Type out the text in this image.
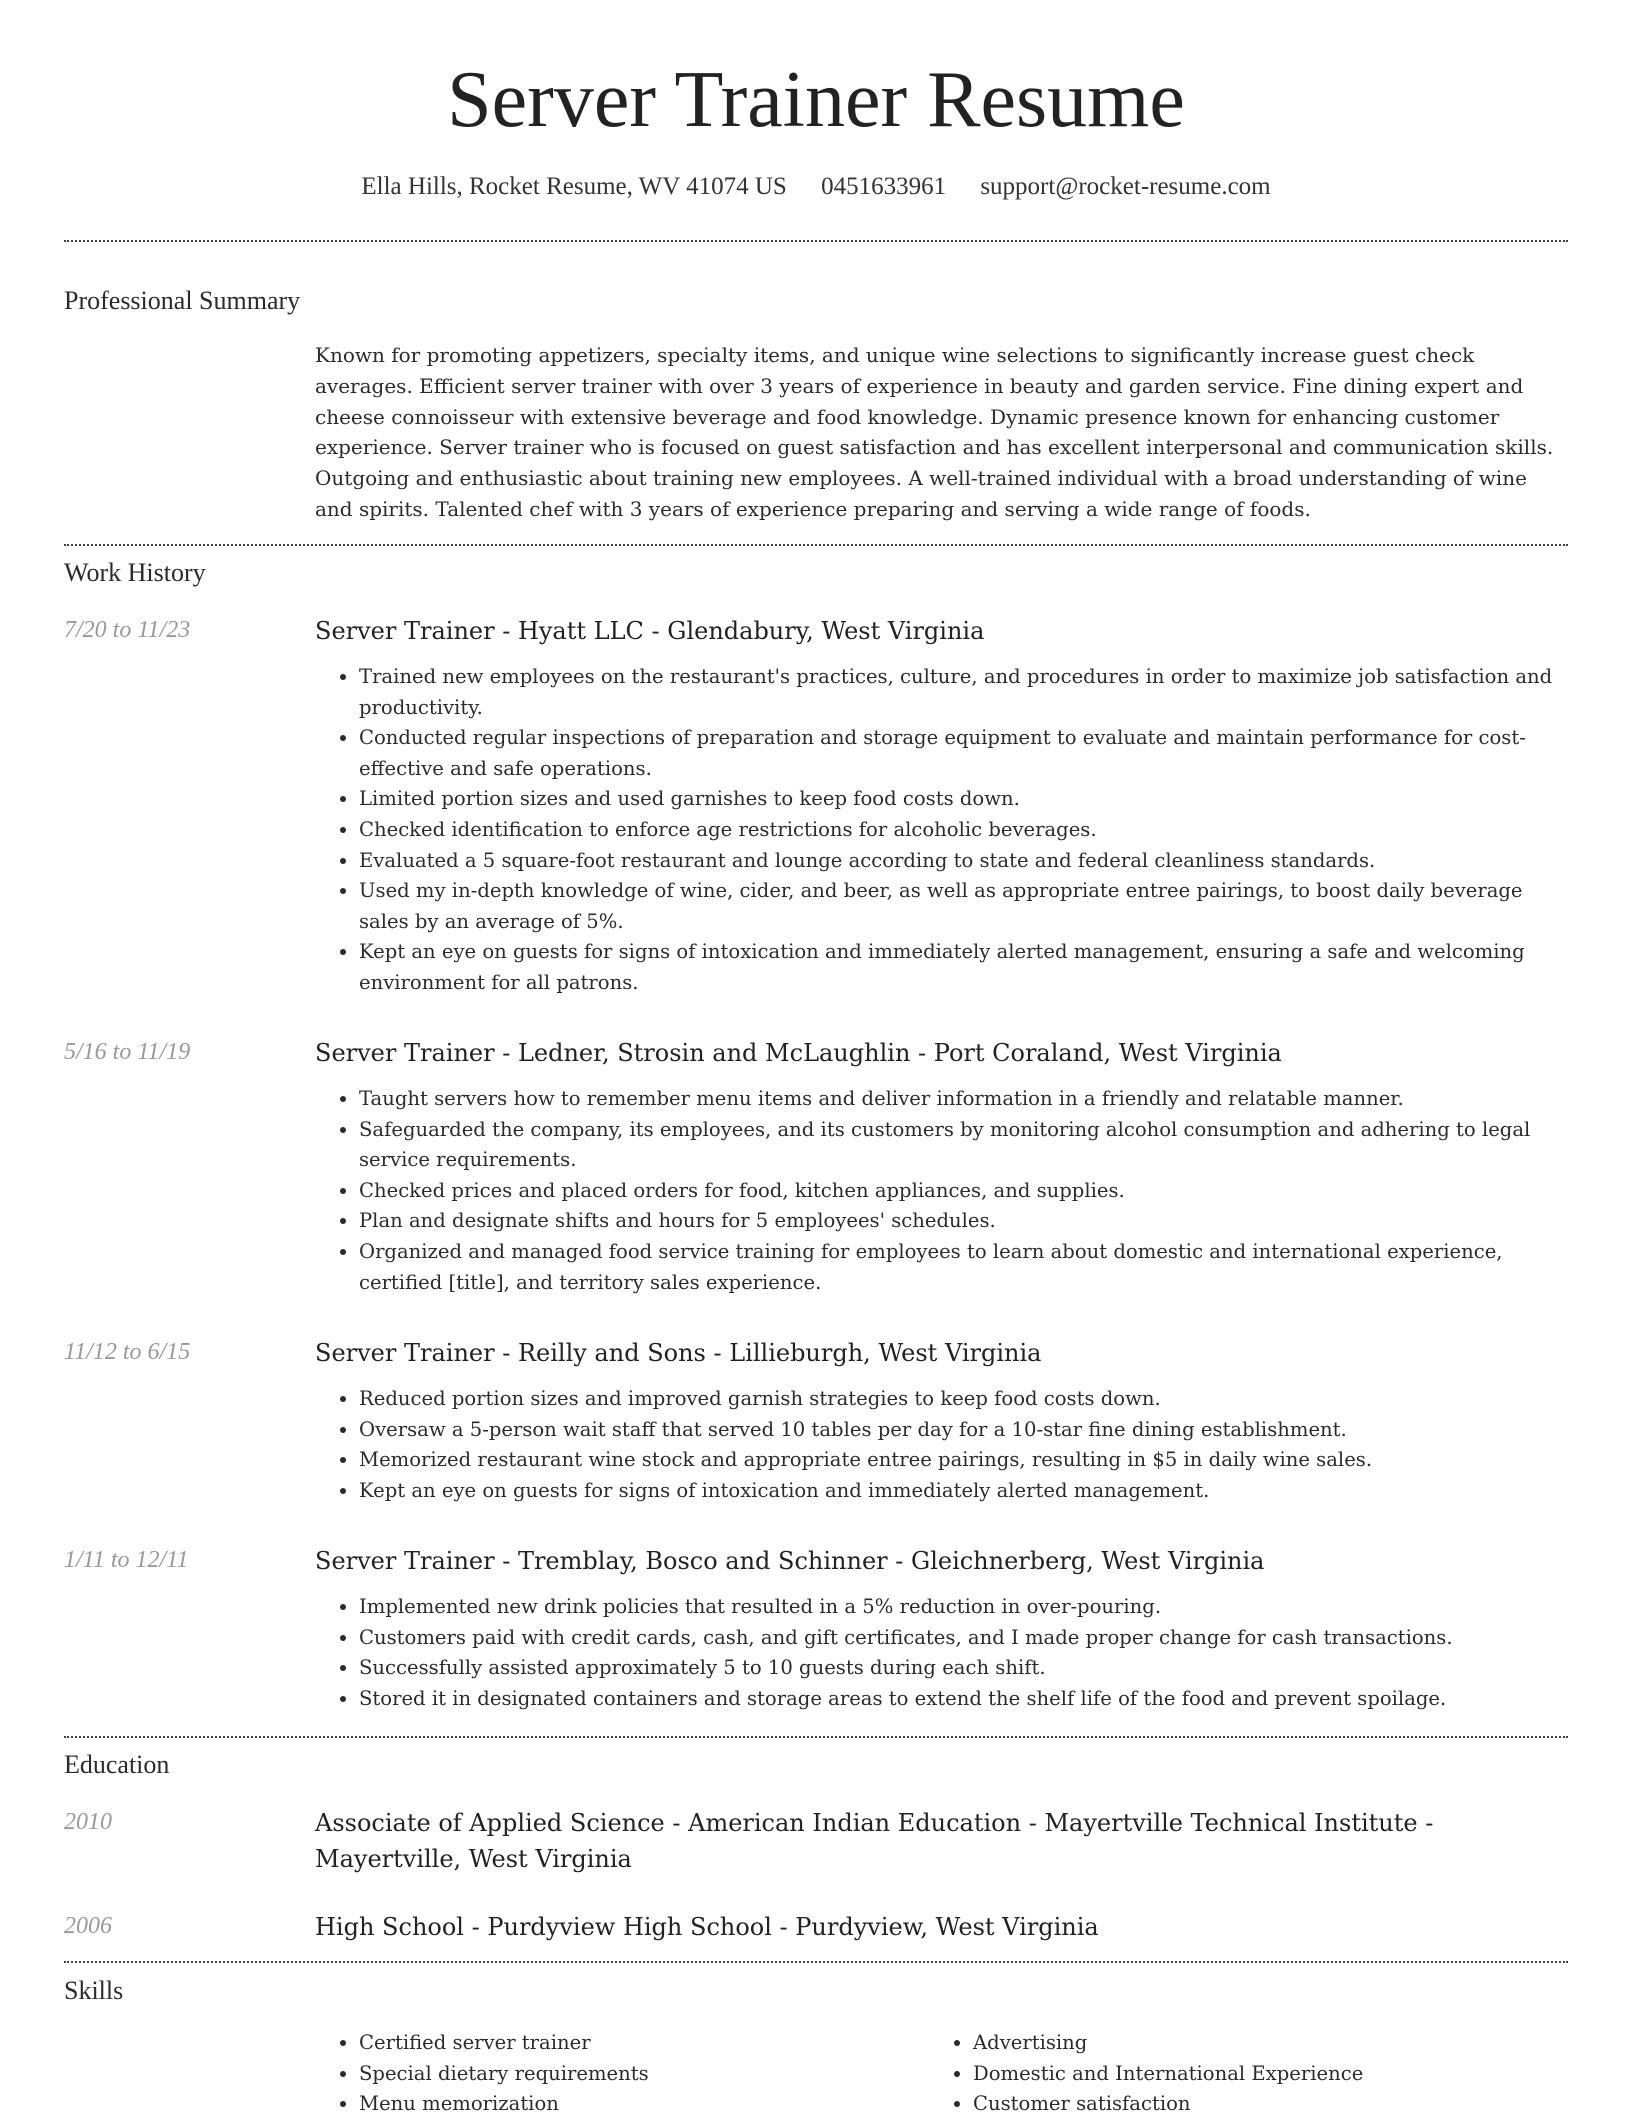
Server Trainer Resume
Ella Hills, Rocket Resume, WV 41074 US 0451633961 support@rocket-resume.com
Professional Summary
Known for promoting appetizers, specialty items, and unique wine selections to significantly increase guest check averages. Efficient server trainer with over 3 years of experience in beauty and garden service. Fine dining expert and cheese connoisseur with extensive beverage and food knowledge. Dynamic presence known for enhancing customer experience. Server trainer who is focused on guest satisfaction and has excellent interpersonal and communication skills. Outgoing and enthusiastic about training new employees. A well-trained individual with a broad understanding of wine and spirits. Talented chef with 3 years of experience preparing and serving a wide range of foods.
Work History
7/20 to 11/23	Server Trainer - Hyatt LLC - Glendabury, West Virginia
• Trained new employees on the restaurant's practices, culture, and procedures in order to maximize job satisfaction and productivity.
• Conducted regular inspections of preparation and storage equipment to evaluate and maintain performance for cost-effective and safe operations.
• Limited portion sizes and used garnishes to keep food costs down.
• Checked identification to enforce age restrictions for alcoholic beverages.
• Evaluated a 5 square-foot restaurant and lounge according to state and federal cleanliness standards.
• Used my in-depth knowledge of wine, cider, and beer, as well as appropriate entree pairings, to boost daily beverage sales by an average of 5%.
• Kept an eye on guests for signs of intoxication and immediately alerted management, ensuring a safe and welcoming environment for all patrons.
5/16 to 11/19	Server Trainer - Ledner, Strosin and McLaughlin - Port Coraland, West Virginia
• Taught servers how to remember menu items and deliver information in a friendly and relatable manner.
• Safeguarded the company, its employees, and its customers by monitoring alcohol consumption and adhering to legal service requirements.
• Checked prices and placed orders for food, kitchen appliances, and supplies.
• Plan and designate shifts and hours for 5 employees' schedules.
• Organized and managed food service training for employees to learn about domestic and international experience, certified [title], and territory sales experience.
11/12 to 6/15	Server Trainer - Reilly and Sons - Lillieburgh, West Virginia
• Reduced portion sizes and improved garnish strategies to keep food costs down.
• Oversaw a 5-person wait staff that served 10 tables per day for a 10-star fine dining establishment.
• Memorized restaurant wine stock and appropriate entree pairings, resulting in $5 in daily wine sales.
• Kept an eye on guests for signs of intoxication and immediately alerted management.
1/11 to 12/11	Server Trainer - Tremblay, Bosco and Schinner - Gleichnerberg, West Virginia
• Implemented new drink policies that resulted in a 5% reduction in over-pouring.
• Customers paid with credit cards, cash, and gift certificates, and I made proper change for cash transactions.
• Successfully assisted approximately 5 to 10 guests during each shift.
• Stored it in designated containers and storage areas to extend the shelf life of the food and prevent spoilage.
Education
2010	Associate of Applied Science - American Indian Education - Mayertville Technical Institute - Mayertville, West Virginia
2006	High School - Purdyview High School - Purdyview, West Virginia
Skills
• Certified server trainer
• Special dietary requirements
• Menu memorization
• Advertising
• Domestic and International Experience
• Customer satisfaction
